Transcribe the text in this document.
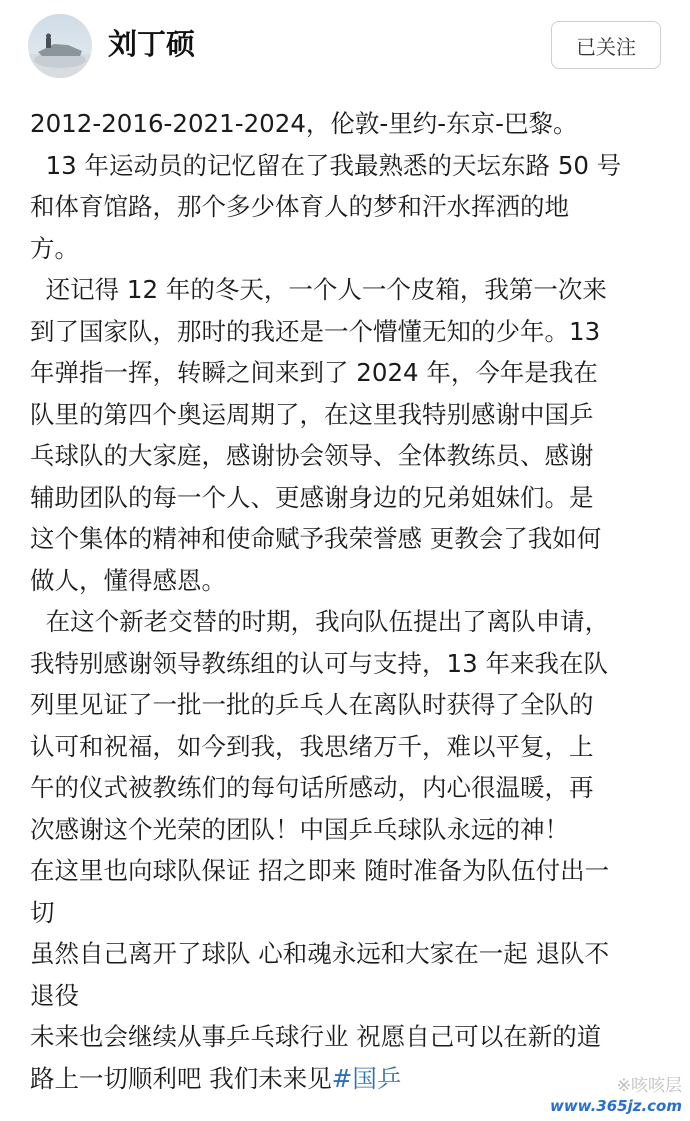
刘丁硕	已关注
2012-2016-2021-2024，伦敦-里约-东京-巴黎。
13 年运动员的记忆留在了我最熟悉的天坛东路 50 号
和体育馆路，那个多少体育人的梦和汗水挥洒的地
方。
还记得 12 年的冬天，一个人一个皮箱，我第一次来
到了国家队，那时的我还是一个懵懂无知的少年。13
年弹指一挥，转瞬之间来到了 2024 年，今年是我在
队里的第四个奥运周期了，在这里我特别感谢中国乒
乓球队的大家庭，感谢协会领导、全体教练员、感谢
辅助团队的每一个人、更感谢身边的兄弟姐妹们。是
这个集体的精神和使命赋予我荣誉感 更教会了我如何
做人，懂得感恩。
在这个新老交替的时期，我向队伍提出了离队申请，
我特别感谢领导教练组的认可与支持，13 年来我在队
列里见证了一批一批的乒乓人在离队时获得了全队的
认可和祝福，如今到我，我思绪万千，难以平复，上
午的仪式被教练们的每句话所感动，内心很温暖，再
次感谢这个光荣的团队！中国乒乓球队永远的神！
在这里也向球队保证 招之即来 随时准备为队伍付出一
切
虽然自己离开了球队 心和魂永远和大家在一起 退队不
退役
未来也会继续从事乒乓球行业 祝愿自己可以在新的道
路上一切顺利吧 我们未来见#国乒	※咳咳层
www.365jz.com
